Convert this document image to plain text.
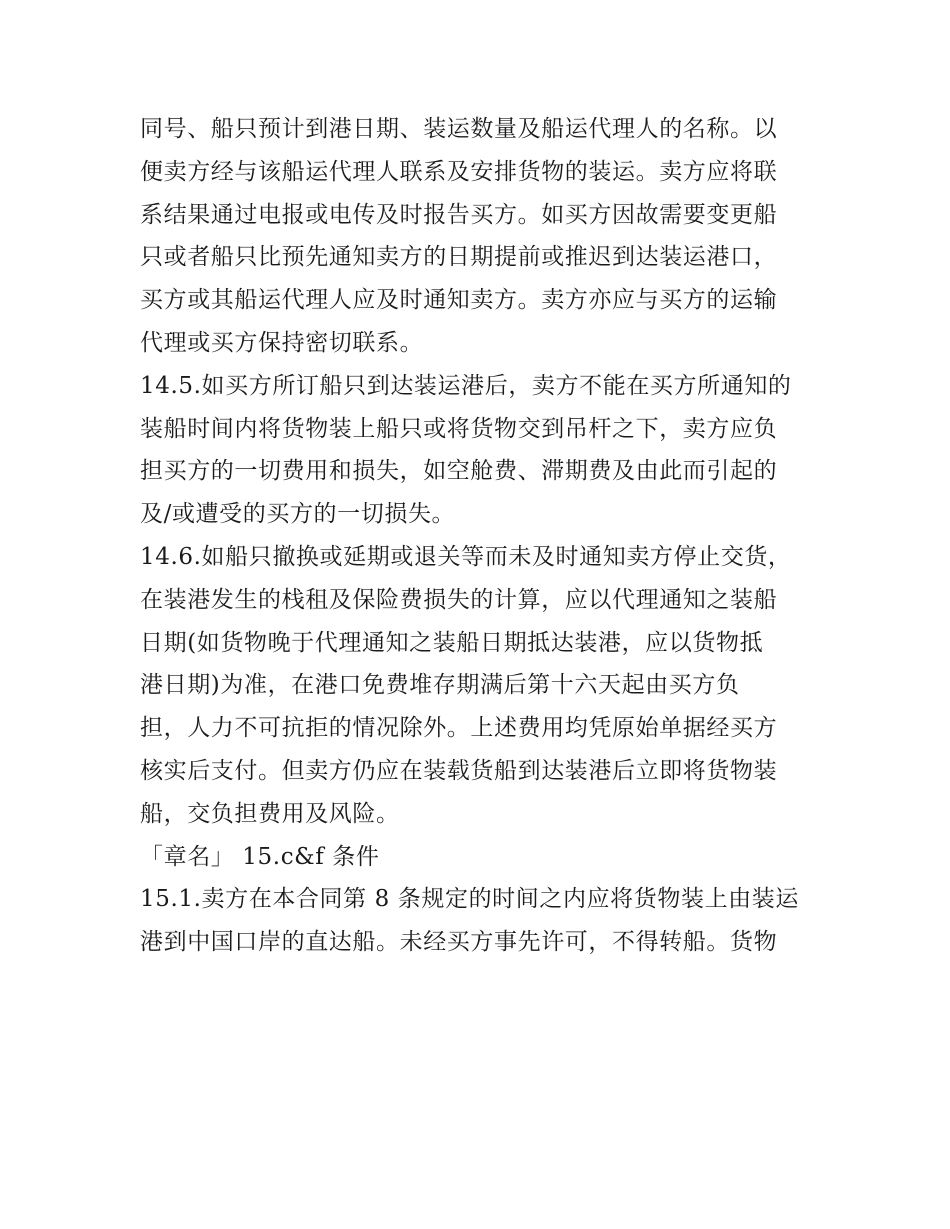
同号、船只预计到港日期、装运数量及船运代理人的名称。以
便卖方经与该船运代理人联系及安排货物的装运。卖方应将联
系结果通过电报或电传及时报告买方。如买方因故需要变更船
只或者船只比预先通知卖方的日期提前或推迟到达装运港口，
买方或其船运代理人应及时通知卖方。卖方亦应与买方的运输
代理或买方保持密切联系。
14.5.如买方所订船只到达装运港后，卖方不能在买方所通知的
装船时间内将货物装上船只或将货物交到吊杆之下，卖方应负
担买方的一切费用和损失，如空舱费、滞期费及由此而引起的
及/或遭受的买方的一切损失。
14.6.如船只撤换或延期或退关等而未及时通知卖方停止交货，
在装港发生的栈租及保险费损失的计算，应以代理通知之装船
日期(如货物晚于代理通知之装船日期抵达装港，应以货物抵
港日期)为准，在港口免费堆存期满后第十六天起由买方负
担，人力不可抗拒的情况除外。上述费用均凭原始单据经买方
核实后支付。但卖方仍应在装载货船到达装港后立即将货物装
船，交负担费用及风险。
「章名」 15.c&f 条件
15.1.卖方在本合同第 8 条规定的时间之内应将货物装上由装运
港到中国口岸的直达船。未经买方事先许可，不得转船。货物
